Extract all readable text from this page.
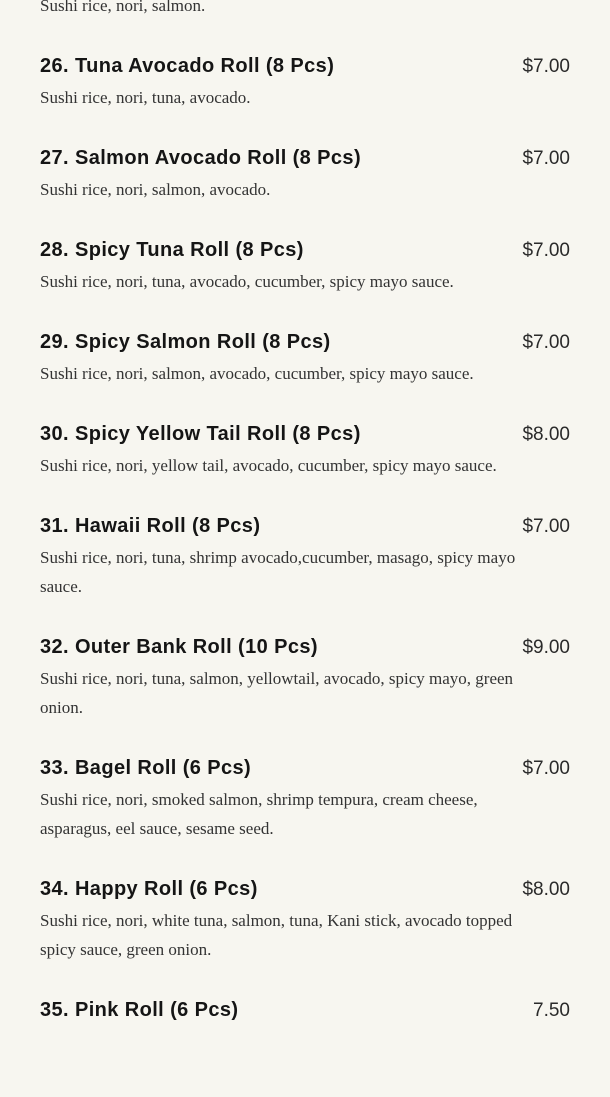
Sushi rice, nori, salmon.

26. Tuna Avocado Roll (8 Pcs)	$7.00

Sushi rice, nori, tuna, avocado.

27. Salmon Avocado Roll (8 Pcs)	$7.00

Sushi rice, nori, salmon, avocado.

28. Spicy Tuna Roll (8 Pcs)	$7.00

Sushi rice, nori, tuna, avocado, cucumber, spicy mayo sauce.

29. Spicy Salmon Roll (8 Pcs)	$7.00

Sushi rice, nori, salmon, avocado, cucumber, spicy mayo sauce.

30. Spicy Yellow Tail Roll (8 Pcs)	$8.00

Sushi rice, nori, yellow tail, avocado, cucumber, spicy mayo sauce.

31. Hawaii Roll (8 Pcs)	$7.00

Sushi rice, nori, tuna, shrimp avocado,cucumber, masago, spicy mayo sauce.

32. Outer Bank Roll (10 Pcs)	$9.00

Sushi rice, nori, tuna, salmon, yellowtail, avocado, spicy mayo, green onion.

33. Bagel Roll (6 Pcs)	$7.00

Sushi rice, nori, smoked salmon, shrimp tempura, cream cheese, asparagus, eel sauce, sesame seed.

34. Happy Roll (6 Pcs)	$8.00

Sushi rice, nori, white tuna, salmon, tuna, Kani stick, avocado topped spicy sauce, green onion.

35. Pink Roll (6 Pcs)	7.50
